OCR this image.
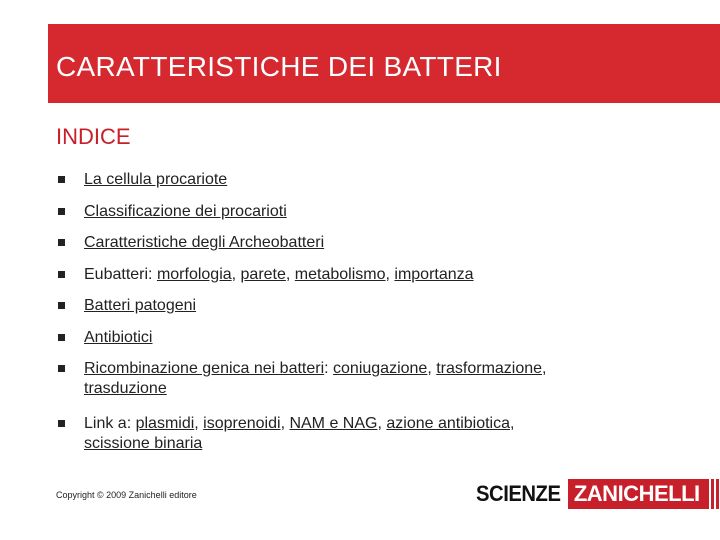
CARATTERISTICHE DEI BATTERI
INDICE
La cellula procariote
Classificazione dei procarioti
Caratteristiche degli Archeobatteri
Eubatteri: morfologia, parete, metabolismo, importanza
Batteri patogeni
Antibiotici
Ricombinazione genica nei batteri: coniugazione, trasformazione,
trasduzione
Link a: plasmidi, isoprenoidi, NAM e NAG, azione antibiotica,
scissione binaria
Copyright © 2009 Zanichelli editore	SCIENZE ZANICHELLI
